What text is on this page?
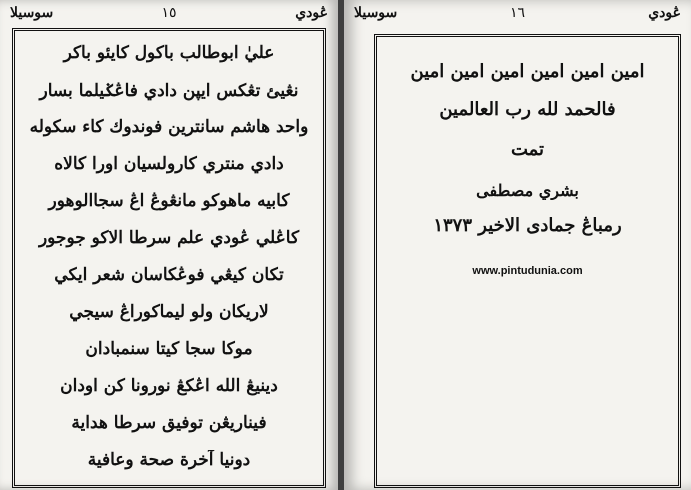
ڠودي
١٥
سوسيلا
عليٰ ابوطالب باكول كايئو باكر
نڠيئ تڠكس ايڽن دادي فاڠݢيلما بسار
واحد هاشم سانترين فوندوك كاء سكوله
دادي منتري كارولسيان اورا كالاه
كابيه ماهوكو مانڠوڠ اڠ سجاالوهور
كاڠلي ڠودي علم سرطا الاكو جوجور
تكان كيڠي فوڠكاسان شعر ايكي
لاريكان ولو ليماكوراڠ سيجي
موكا سجا كيتا سنمبادان
دينيڠ الله اڠكڠ نورونا كن اودان
فيناريڠن توفيق سرطا هداية
دونيا آخرة صحة وعافية
ڠودي
١٦
سوسيلا
امين امين امين امين امين امين
فالحمد لله رب العالمين
تمت
بشري مصطفى
رمباڠ جمادى الاخير ١٣٧٣
www.pintudunia.com
